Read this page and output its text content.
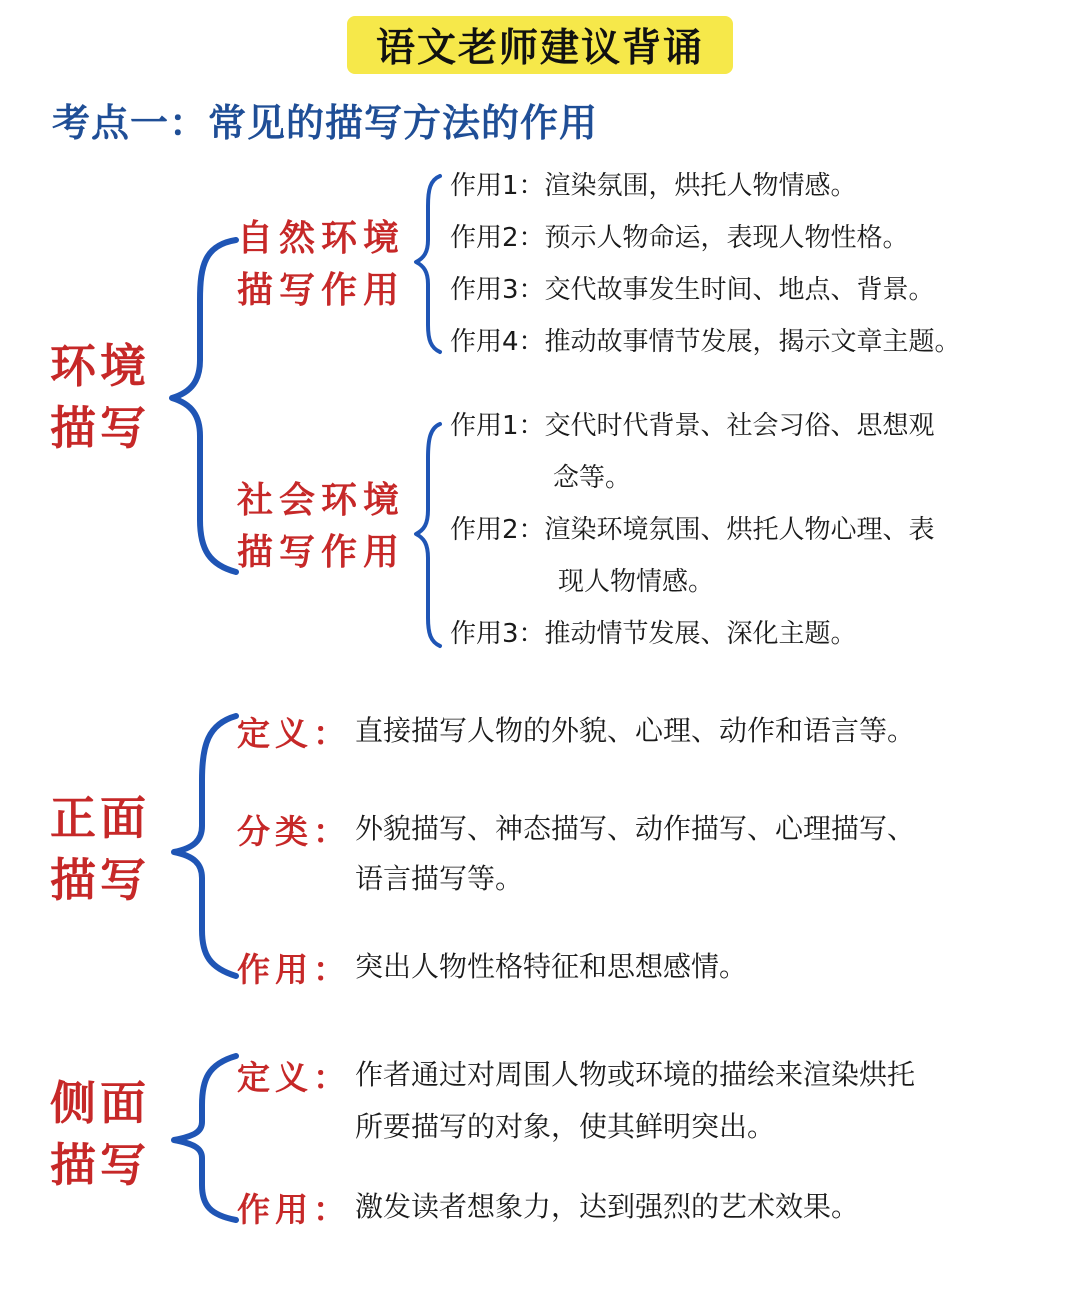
语文老师建议背诵
考点一：常见的描写方法的作用
环境
描写
自然环境
描写作用
作用1：渲染氛围，烘托人物情感。
作用2：预示人物命运，表现人物性格。
作用3：交代故事发生时间、地点、背景。
作用4：推动故事情节发展，揭示文章主题。
社会环境
描写作用
作用1：交代时代背景、社会习俗、思想观
念等。
作用2：渲染环境氛围、烘托人物心理、表
现人物情感。
作用3：推动情节发展、深化主题。
正面
描写
定义： 直接描写人物的外貌、心理、动作和语言等。
分类： 外貌描写、神态描写、动作描写、心理描写、
语言描写等。
作用： 突出人物性格特征和思想感情。
侧面
描写
定义： 作者通过对周围人物或环境的描绘来渲染烘托
所要描写的对象，使其鲜明突出。
作用： 激发读者想象力，达到强烈的艺术效果。
